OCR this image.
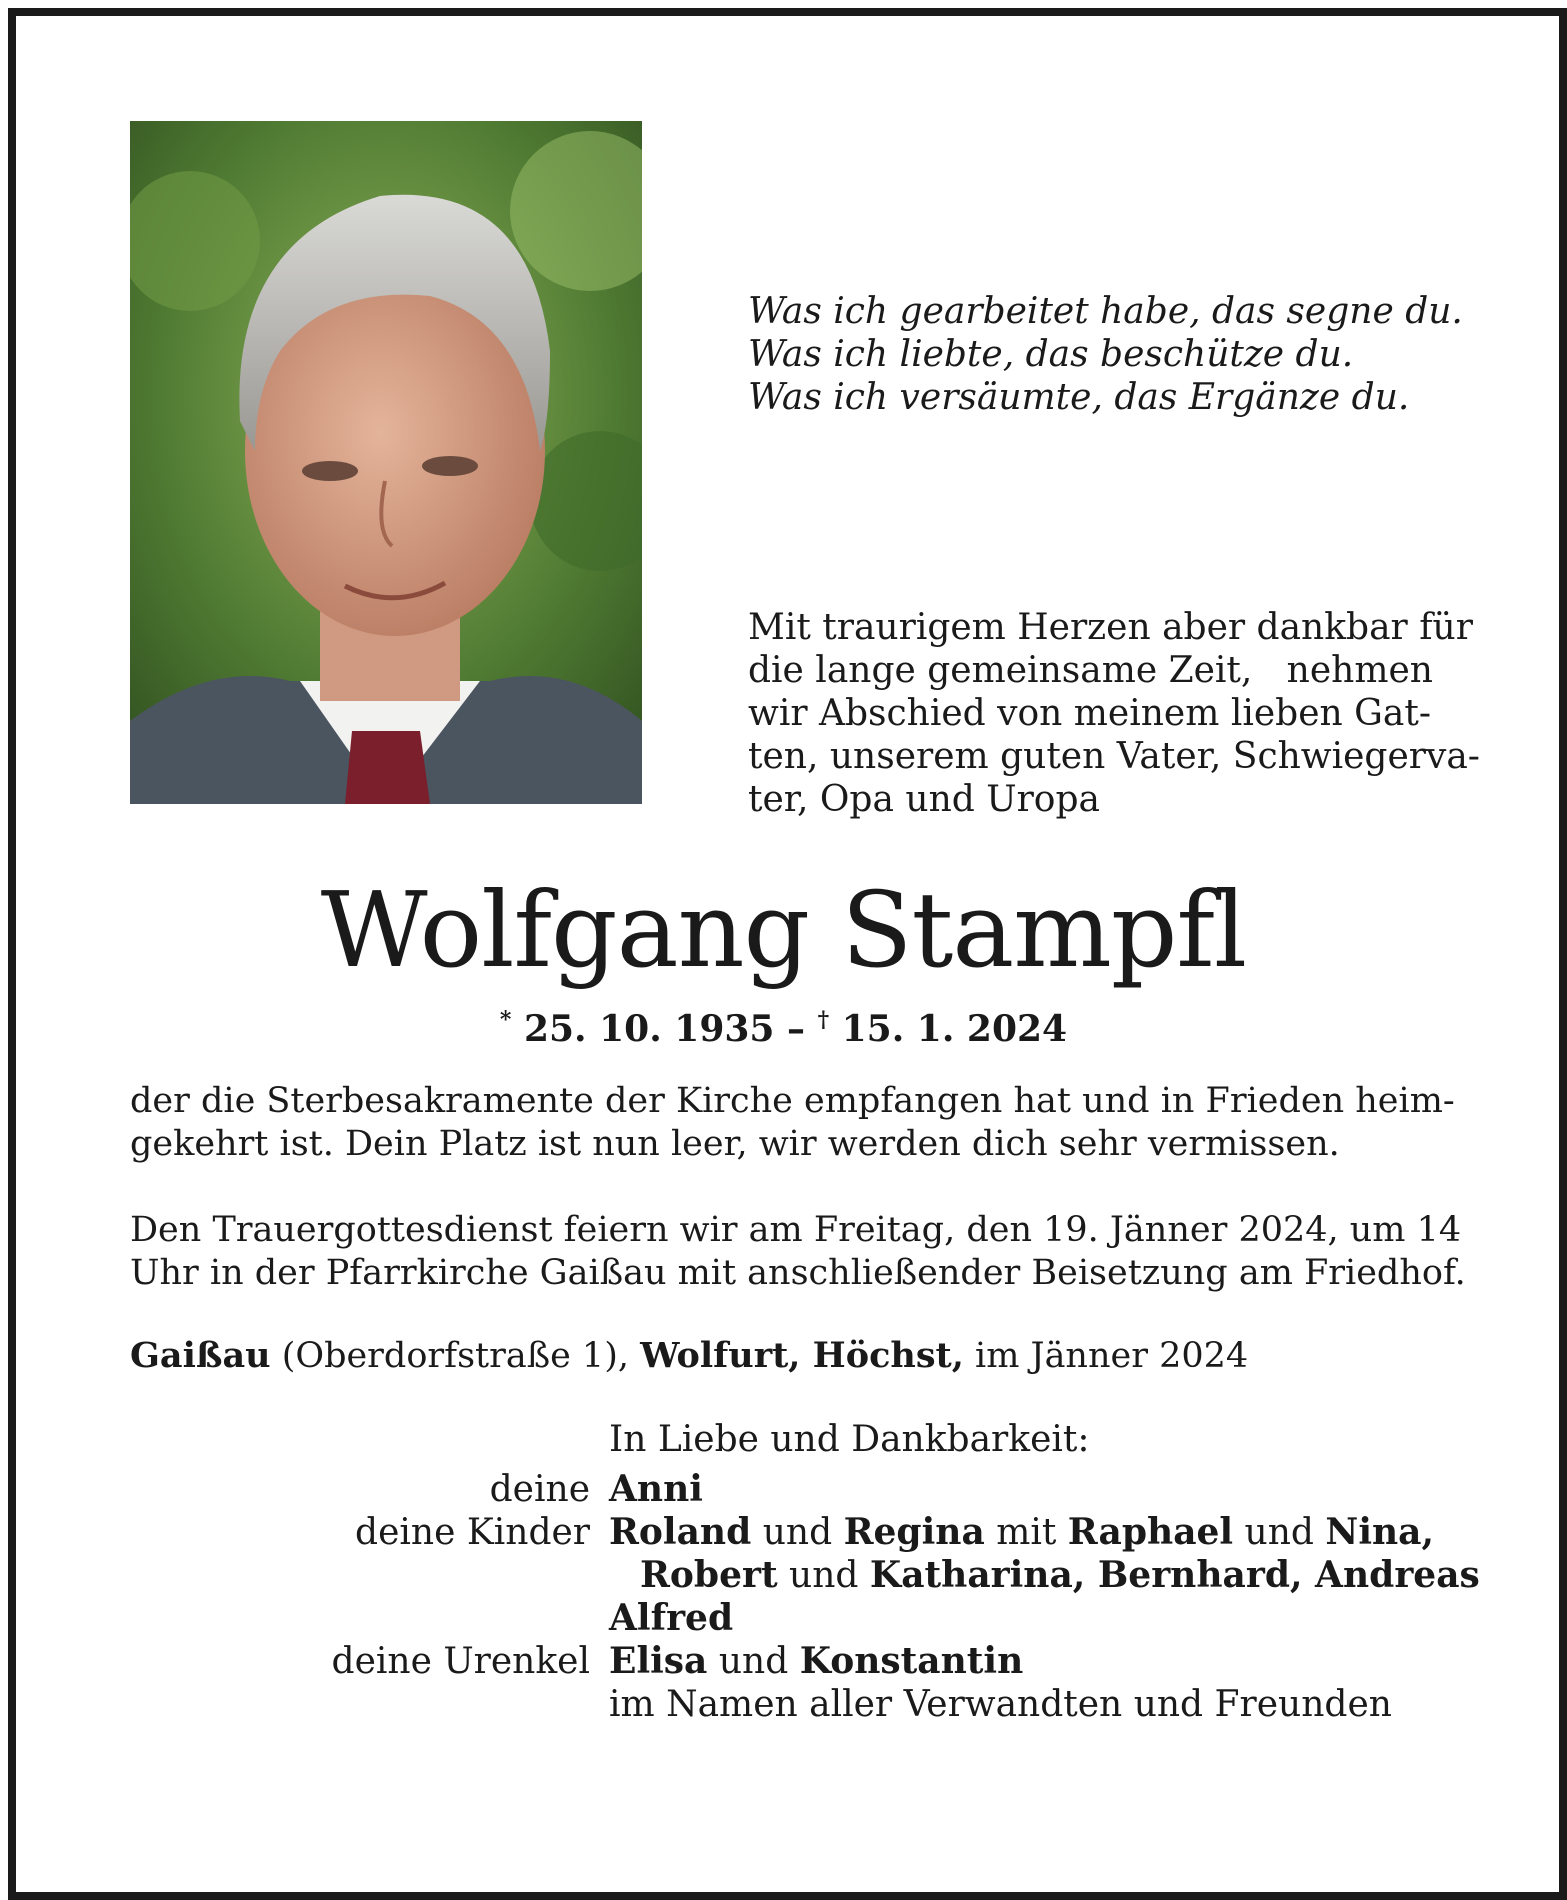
Was ich gearbeitet habe, das segne du.
Was ich liebte, das beschütze du.
Was ich versäumte, das Ergänze du.
Mit traurigem Herzen aber dankbar für
die lange gemeinsame Zeit,   nehmen
wir Abschied von meinem lieben Gat-
ten, unserem guten Vater, Schwiegerva-
ter, Opa und Uropa
Wolfgang Stampfl
* 25. 10. 1935 – † 15. 1. 2024
der die Sterbesakramente der Kirche empfangen hat und in Frieden heim-
gekehrt ist. Dein Platz ist nun leer, wir werden dich sehr vermissen.
Den Trauergottesdienst feiern wir am Freitag, den 19. Jänner 2024, um 14
Uhr in der Pfarrkirche Gaißau mit anschließender Beisetzung am Friedhof.
Gaißau (Oberdorfstraße 1), Wolfurt, Höchst, im Jänner 2024
In Liebe und Dankbarkeit:
deine Anni
deine Kinder Roland und Regina mit Raphael und Nina,
Robert und Katharina, Bernhard, Andreas
Alfred
deine Urenkel Elisa und Konstantin
im Namen aller Verwandten und Freunden
